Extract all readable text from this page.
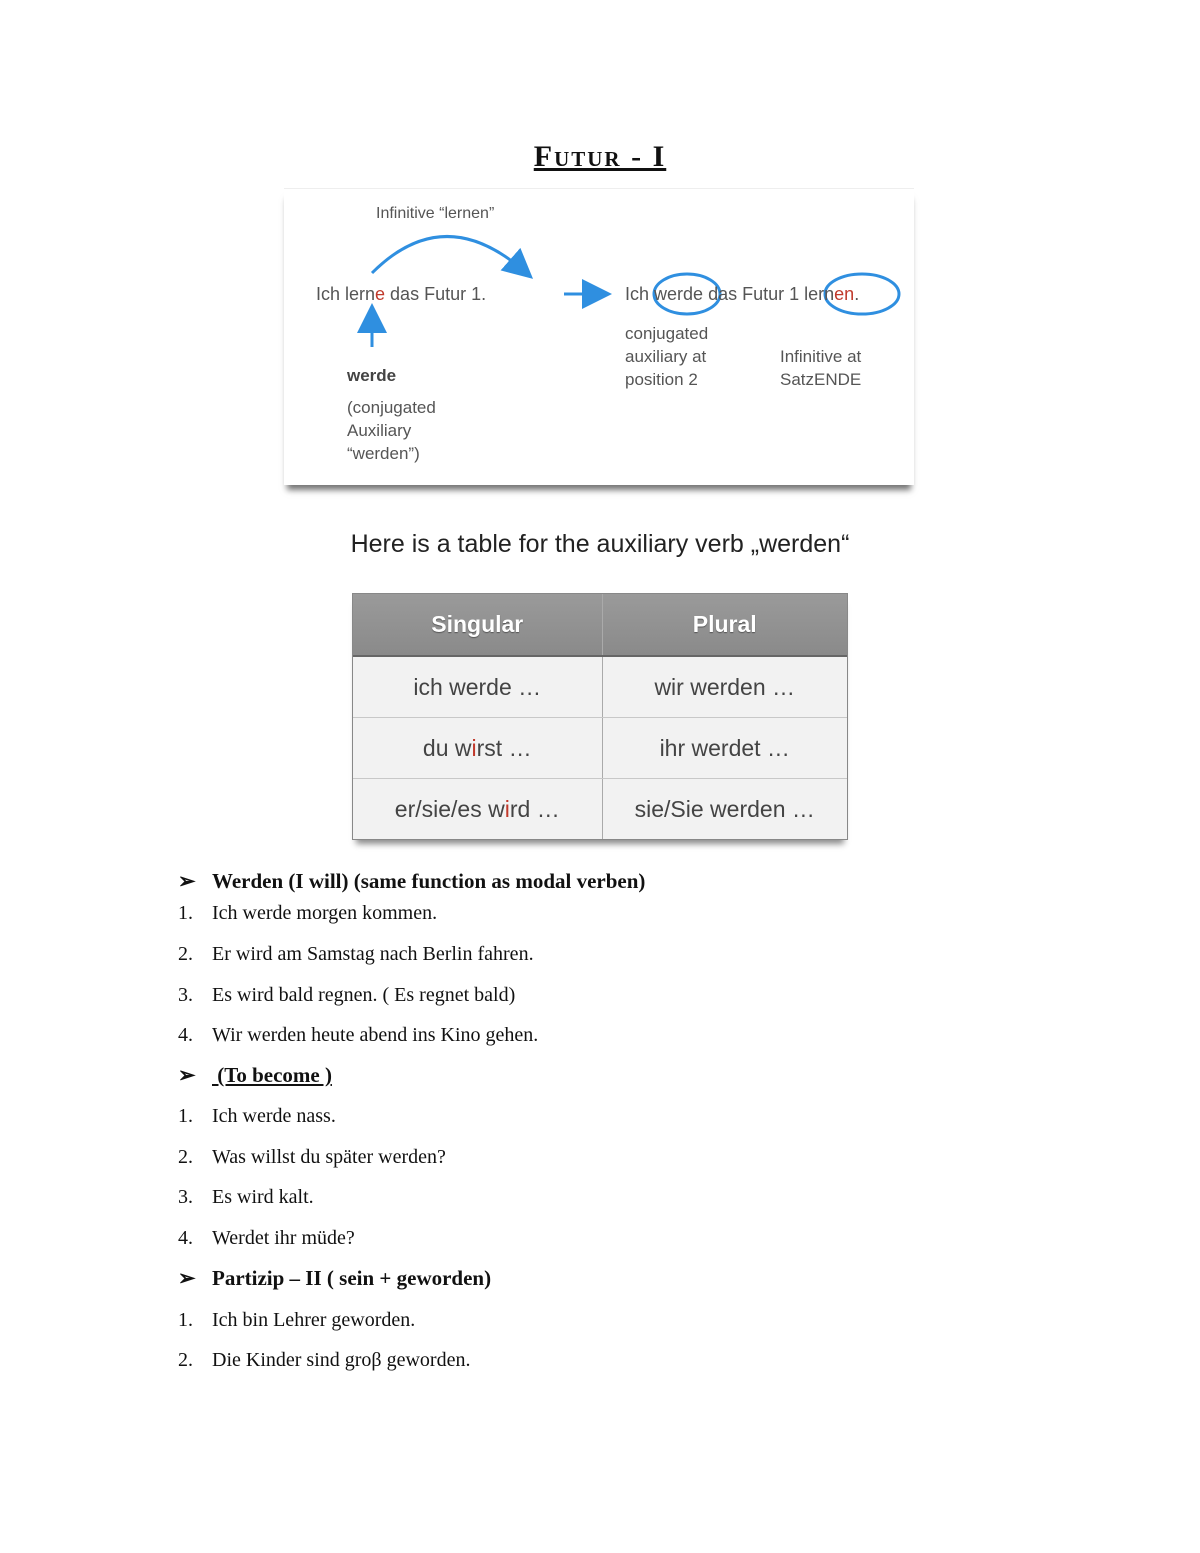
Futur - I
Infinitive “lernen”
Ich lerne das Futur 1.
werde
(conjugated
Auxiliary
“werden”)
Ich werde das Futur 1 lernen.
conjugated
auxiliary at
position 2
Infinitive at
SatzENDE
Here is a table for the auxiliary verb „werden“
Singular	Plural
ich werde …	wir werden …
du w i rst …	ihr werdet …
er/sie/es w i rd …	sie/Sie werden …
➢ Werden (I will) (same function as modal verben)
1. Ich werde morgen kommen.
2. Er wird am Samstag nach Berlin fahren.
3. Es wird bald regnen. ( Es regnet bald)
4. Wir werden heute abend ins Kino gehen.
➢ (To become )
1. Ich werde nass.
2. Was willst du später werden?
3. Es wird kalt.
4. Werdet ihr müde?
➢ Partizip – II ( sein + geworden)
1. Ich bin Lehrer geworden.
2. Die Kinder sind groβ geworden.
